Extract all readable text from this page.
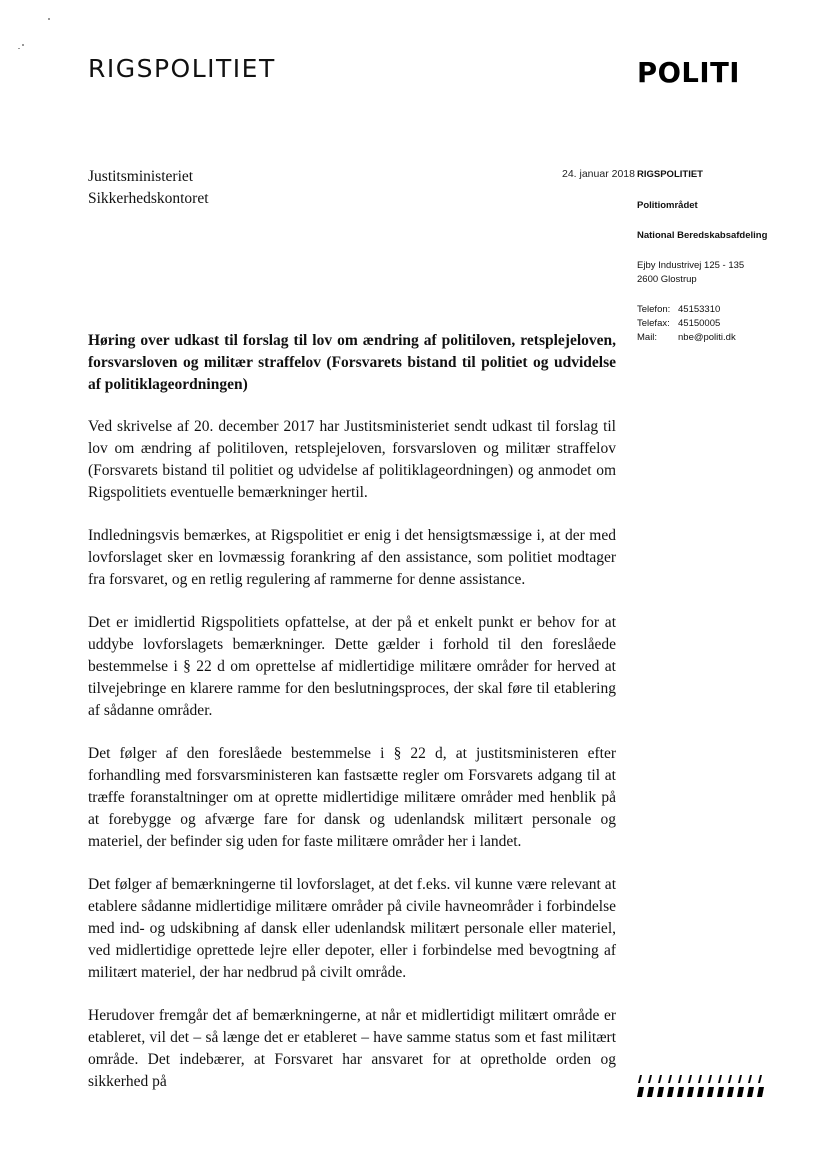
RIGSPOLITIET	POLITI
Justitsministeriet
Sikkerhedskontoret
24. januar 2018 RIGSPOLITIET
Politiområdet
National Beredskabsafdeling
Ejby Industrivej 125 - 135
2600 Glostrup
Telefon: 45153310
Telefax: 45150005
Mail: nbe@politi.dk
Høring over udkast til forslag til lov om ændring af politiloven, retsplejeloven, forsvarsloven og militær straffelov (Forsvarets bistand til politiet og udvidelse af politiklageordningen)

Ved skrivelse af 20. december 2017 har Justitsministeriet sendt udkast til forslag til lov om ændring af politiloven, retsplejeloven, forsvarsloven og militær straffelov (Forsvarets bistand til politiet og udvidelse af politiklageordningen) og anmodet om Rigspolitiets eventuelle bemærkninger hertil.

Indledningsvis bemærkes, at Rigspolitiet er enig i det hensigtsmæssige i, at der med lovforslaget sker en lovmæssig forankring af den assistance, som politiet modtager fra forsvaret, og en retlig regulering af rammerne for denne assistance.

Det er imidlertid Rigspolitiets opfattelse, at der på et enkelt punkt er behov for at uddybe lovforslagets bemærkninger. Dette gælder i forhold til den foreslåede bestemmelse i § 22 d om oprettelse af midlertidige militære områder for herved at tilvejebringe en klarere ramme for den beslutningsproces, der skal føre til etablering af sådanne områder.

Det følger af den foreslåede bestemmelse i § 22 d, at justitsministeren efter forhandling med forsvarsministeren kan fastsætte regler om Forsvarets adgang til at træffe foranstaltninger om at oprette midlertidige militære områder med henblik på at forebygge og afværge fare for dansk og udenlandsk militært personale og materiel, der befinder sig uden for faste militære områder her i landet.

Det følger af bemærkningerne til lovforslaget, at det f.eks. vil kunne være relevant at etablere sådanne midlertidige militære områder på civile havneområder i forbindelse med ind- og udskibning af dansk eller udenlandsk militært personale eller materiel, ved midlertidige oprettede lejre eller depoter, eller i forbindelse med bevogtning af militært materiel, der har nedbrud på civilt område.

Herudover fremgår det af bemærkningerne, at når et midlertidigt militært område er etableret, vil det – så længe det er etableret – have samme status som et fast militært område. Det indebærer, at Forsvaret har ansvaret for at opretholde orden og sikkerhed på
